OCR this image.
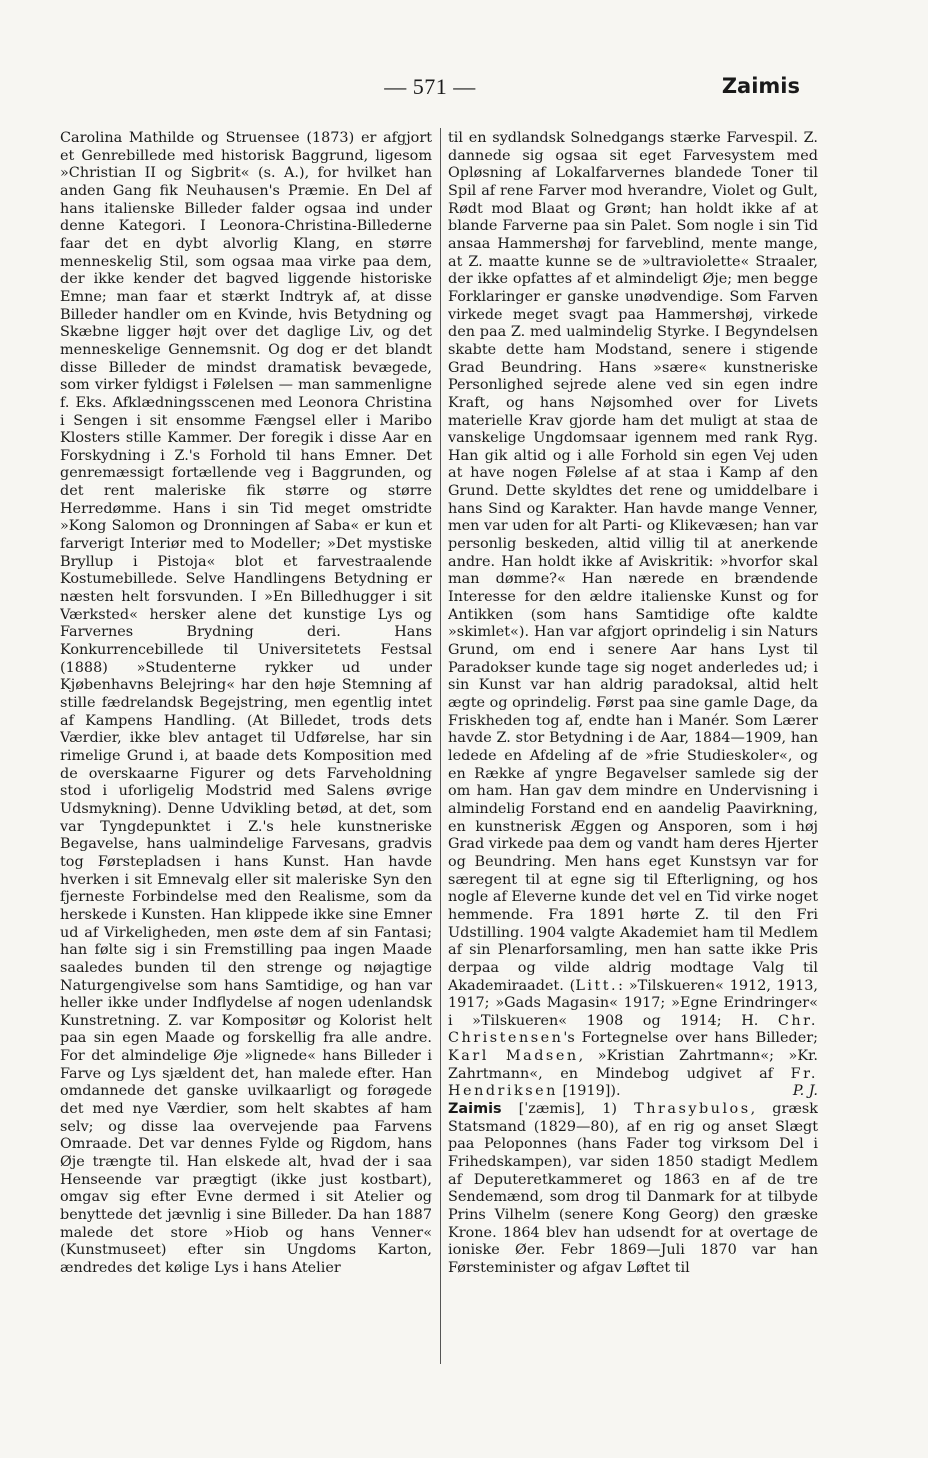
— 571 —	Zaimis

Carolina Mathilde og Struensee (1873) er afgjort et Genrebillede med historisk Baggrund, ligesom »Christian II og Sigbrit« (s. A.), for hvilket han anden Gang fik Neuhausen's Præmie. En Del af hans italienske Billeder falder ogsaa ind under denne Kategori. I Leonora-Christina-Billederne faar det en dybt alvorlig Klang, en større menneskelig Stil, som ogsaa maa virke paa dem, der ikke kender det bagved liggende historiske Emne; man faar et stærkt Indtryk af, at disse Billeder handler om en Kvinde, hvis Betydning og Skæbne ligger højt over det daglige Liv, og det menneskelige Gennemsnit. Og dog er det blandt disse Billeder de mindst dramatisk bevægede, som virker fyldigst i Følelsen — man sammenligne f. Eks. Afklædningsscenen med Leonora Christina i Sengen i sit ensomme Fængsel eller i Maribo Klosters stille Kammer. Der foregik i disse Aar en Forskydning i Z.'s Forhold til hans Emner. Det genremæssigt fortællende veg i Baggrunden, og det rent maleriske fik større og større Herredømme. Hans i sin Tid meget omstridte »Kong Salomon og Dronningen af Saba« er kun et farverigt Interiør med to Modeller; »Det mystiske Bryllup i Pistoja« blot et farvestraalende Kostumebillede. Selve Handlingens Betydning er næsten helt forsvunden. I »En Billedhugger i sit Værksted« hersker alene det kunstige Lys og Farvernes Brydning deri. Hans Konkurrencebillede til Universitetets Festsal (1888) »Studenterne rykker ud under Kjøbenhavns Belejring« har den høje Stemning af stille fædrelandsk Begejstring, men egentlig intet af Kampens Handling. (At Billedet, trods dets Værdier, ikke blev antaget til Udførelse, har sin rimelige Grund i, at baade dets Komposition med de overskaarne Figurer og dets Farveholdning stod i uforligelig Modstrid med Salens øvrige Udsmykning). Denne Udvikling betød, at det, som var Tyngdepunktet i Z.'s hele kunstneriske Begavelse, hans ualmindelige Farvesans, gradvis tog Førstepladsen i hans Kunst. Han havde hverken i sit Emnevalg eller sit maleriske Syn den fjerneste Forbindelse med den Realisme, som da herskede i Kunsten. Han klippede ikke sine Emner ud af Virkeligheden, men øste dem af sin Fantasi; han følte sig i sin Fremstilling paa ingen Maade saaledes bunden til den strenge og nøjagtige Naturgengivelse som hans Samtidige, og han var heller ikke under Indflydelse af nogen udenlandsk Kunstretning. Z. var Kompositør og Kolorist helt paa sin egen Maade og forskellig fra alle andre. For det almindelige Øje »lignede« hans Billeder i Farve og Lys sjældent det, han malede efter. Han omdannede det ganske uvilkaarligt og forøgede det med nye Værdier, som helt skabtes af ham selv; og disse laa overvejende paa Farvens Omraade. Det var dennes Fylde og Rigdom, hans Øje trængte til. Han elskede alt, hvad der i saa Henseende var prægtigt (ikke just kostbart), omgav sig efter Evne dermed i sit Atelier og benyttede det jævnlig i sine Billeder. Da han 1887 malede det store »Hiob og hans Venner« (Kunstmuseet) efter sin Ungdoms Karton, ændredes det kølige Lys i hans Atelier

til en sydlandsk Solnedgangs stærke Farvespil. Z. dannede sig ogsaa sit eget Farvesystem med Opløsning af Lokalfarvernes blandede Toner til Spil af rene Farver mod hverandre, Violet og Gult, Rødt mod Blaat og Grønt; han holdt ikke af at blande Farverne paa sin Palet. Som nogle i sin Tid ansaa Hammershøj for farveblind, mente mange, at Z. maatte kunne se de »ultraviolette« Straaler, der ikke opfattes af et almindeligt Øje; men begge Forklaringer er ganske unødvendige. Som Farven virkede meget svagt paa Hammershøj, virkede den paa Z. med ualmindelig Styrke. I Begyndelsen skabte dette ham Modstand, senere i stigende Grad Beundring. Hans »sære« kunstneriske Personlighed sejrede alene ved sin egen indre Kraft, og hans Nøjsomhed over for Livets materielle Krav gjorde ham det muligt at staa de vanskelige Ungdomsaar igennem med rank Ryg. Han gik altid og i alle Forhold sin egen Vej uden at have nogen Følelse af at staa i Kamp af den Grund. Dette skyldtes det rene og umiddelbare i hans Sind og Karakter. Han havde mange Venner, men var uden for alt Parti- og Klikevæsen; han var personlig beskeden, altid villig til at anerkende andre. Han holdt ikke af Aviskritik: »hvorfor skal man dømme?« Han nærede en brændende Interesse for den ældre italienske Kunst og for Antikken (som hans Samtidige ofte kaldte »skimlet«). Han var afgjort oprindelig i sin Naturs Grund, om end i senere Aar hans Lyst til Paradokser kunde tage sig noget anderledes ud; i sin Kunst var han aldrig paradoksal, altid helt ægte og oprindelig. Først paa sine gamle Dage, da Friskheden tog af, endte han i Manér. Som Lærer havde Z. stor Betydning i de Aar, 1884—1909, han ledede en Afdeling af de »frie Studieskoler«, og en Række af yngre Begavelser samlede sig der om ham. Han gav dem mindre en Undervisning i almindelig Forstand end en aandelig Paavirkning, en kunstnerisk Æggen og Ansporen, som i høj Grad virkede paa dem og vandt ham deres Hjerter og Beundring. Men hans eget Kunstsyn var for særegent til at egne sig til Efterligning, og hos nogle af Eleverne kunde det vel en Tid virke noget hemmende. Fra 1891 hørte Z. til den Fri Udstilling. 1904 valgte Akademiet ham til Medlem af sin Plenarforsamling, men han satte ikke Pris derpaa og vilde aldrig modtage Valg til Akademiraadet. (Litt.: »Tilskueren« 1912, 1913, 1917; »Gads Magasin« 1917; »Egne Erindringer« i »Tilskueren« 1908 og 1914; H. Chr. Christensen's Fortegnelse over hans Billeder; Karl Madsen, »Kristian Zahrtmann«; »Kr. Zahrtmann«, en Mindebog udgivet af Fr. Hendriksen [1919]).	P. J.

Zaimis [ˈzæmis], 1) Thrasybulos, græsk Statsmand (1829—80), af en rig og anset Slægt paa Peloponnes (hans Fader tog virksom Del i Frihedskampen), var siden 1850 stadigt Medlem af Deputeretkammeret og 1863 en af de tre Sendemænd, som drog til Danmark for at tilbyde Prins Vilhelm (senere Kong Georg) den græske Krone. 1864 blev han udsendt for at overtage de ioniske Øer. Febr 1869—Juli 1870 var han Førsteminister og afgav Løftet til
